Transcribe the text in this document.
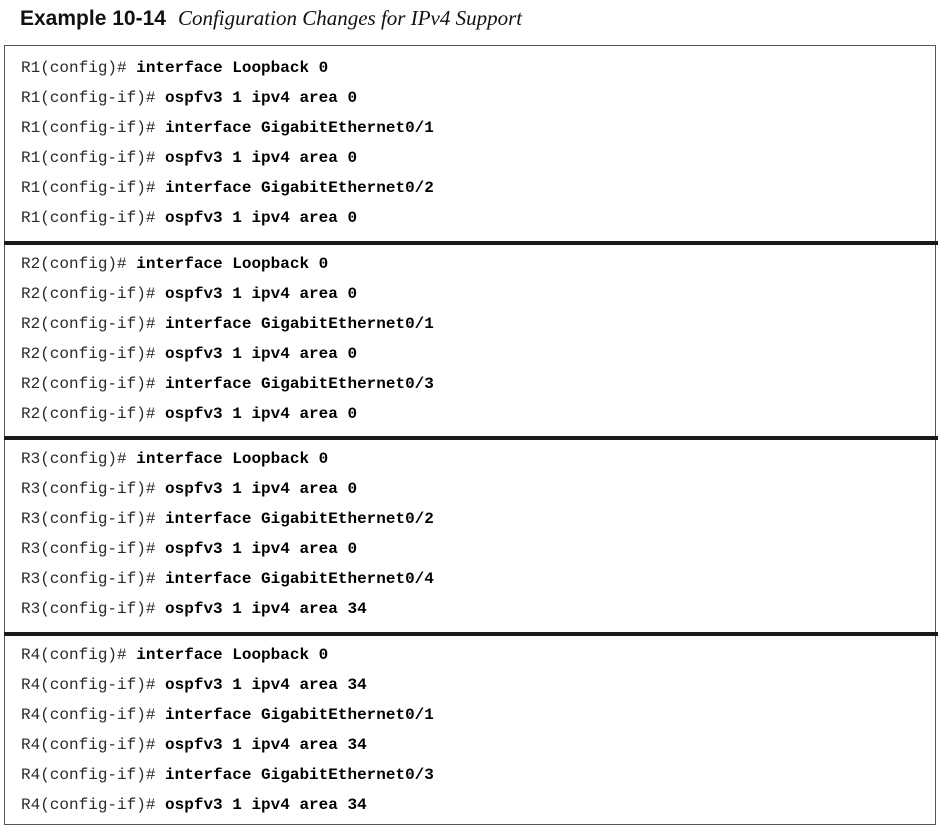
Example 10-14 Configuration Changes for IPv4 Support
R1(config)# interface Loopback 0
R1(config-if)# ospfv3 1 ipv4 area 0
R1(config-if)# interface GigabitEthernet0/1
R1(config-if)# ospfv3 1 ipv4 area 0
R1(config-if)# interface GigabitEthernet0/2
R1(config-if)# ospfv3 1 ipv4 area 0
R2(config)# interface Loopback 0
R2(config-if)# ospfv3 1 ipv4 area 0
R2(config-if)# interface GigabitEthernet0/1
R2(config-if)# ospfv3 1 ipv4 area 0
R2(config-if)# interface GigabitEthernet0/3
R2(config-if)# ospfv3 1 ipv4 area 0
R3(config)# interface Loopback 0
R3(config-if)# ospfv3 1 ipv4 area 0
R3(config-if)# interface GigabitEthernet0/2
R3(config-if)# ospfv3 1 ipv4 area 0
R3(config-if)# interface GigabitEthernet0/4
R3(config-if)# ospfv3 1 ipv4 area 34
R4(config)# interface Loopback 0
R4(config-if)# ospfv3 1 ipv4 area 34
R4(config-if)# interface GigabitEthernet0/1
R4(config-if)# ospfv3 1 ipv4 area 34
R4(config-if)# interface GigabitEthernet0/3
R4(config-if)# ospfv3 1 ipv4 area 34
